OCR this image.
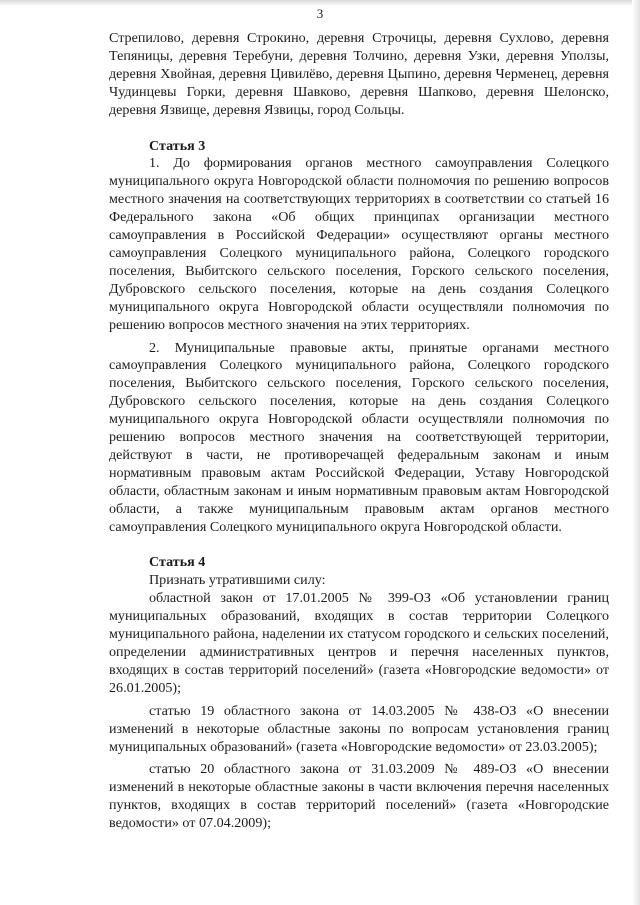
3

Стрепилово, деревня Строкино, деревня Строчицы, деревня Сухлово, деревня Тепяницы, деревня Теребуни, деревня Толчино, деревня Узки, деревня Уползы, деревня Хвойная, деревня Цивилёво, деревня Цыпино, деревня Черменец, деревня Чудинцевы Горки, деревня Шавково, деревня Шапково, деревня Шелонско, деревня Язвище, деревня Язвицы, город Сольцы.

Статья 3

1. До формирования органов местного самоуправления Солецкого муниципального округа Новгородской области полномочия по решению вопросов местного значения на соответствующих территориях в соответствии со статьей 16 Федерального закона «Об общих принципах организации местного самоуправления в Российской Федерации» осуществляют органы местного самоуправления Солецкого муниципального района, Солецкого городского поселения, Выбитского сельского поселения, Горского сельского поселения, Дубровского сельского поселения, которые на день создания Солецкого муниципального округа Новгородской области осуществляли полномочия по решению вопросов местного значения на этих территориях.

2. Муниципальные правовые акты, принятые органами местного самоуправления Солецкого муниципального района, Солецкого городского поселения, Выбитского сельского поселения, Горского сельского поселения, Дубровского сельского поселения, которые на день создания Солецкого муниципального округа Новгородской области осуществляли полномочия по решению вопросов местного значения на соответствующей территории, действуют в части, не противоречащей федеральным законам и иным нормативным правовым актам Российской Федерации, Уставу Новгородской области, областным законам и иным нормативным правовым актам Новгородской области, а также муниципальным правовым актам органов местного самоуправления Солецкого муниципального округа Новгородской области.

Статья 4

Признать утратившими силу:

областной закон от 17.01.2005 № 399-ОЗ «Об установлении границ муниципальных образований, входящих в состав территории Солецкого муниципального района, наделении их статусом городского и сельских поселений, определении административных центров и перечня населенных пунктов, входящих в состав территорий поселений» (газета «Новгородские ведомости» от 26.01.2005);

статью 19 областного закона от 14.03.2005 № 438-ОЗ «О внесении изменений в некоторые областные законы по вопросам установления границ муниципальных образований» (газета «Новгородские ведомости» от 23.03.2005);

статью 20 областного закона от 31.03.2009 № 489-ОЗ «О внесении изменений в некоторые областные законы в части включения перечня населенных пунктов, входящих в состав территорий поселений» (газета «Новгородские ведомости» от 07.04.2009);
